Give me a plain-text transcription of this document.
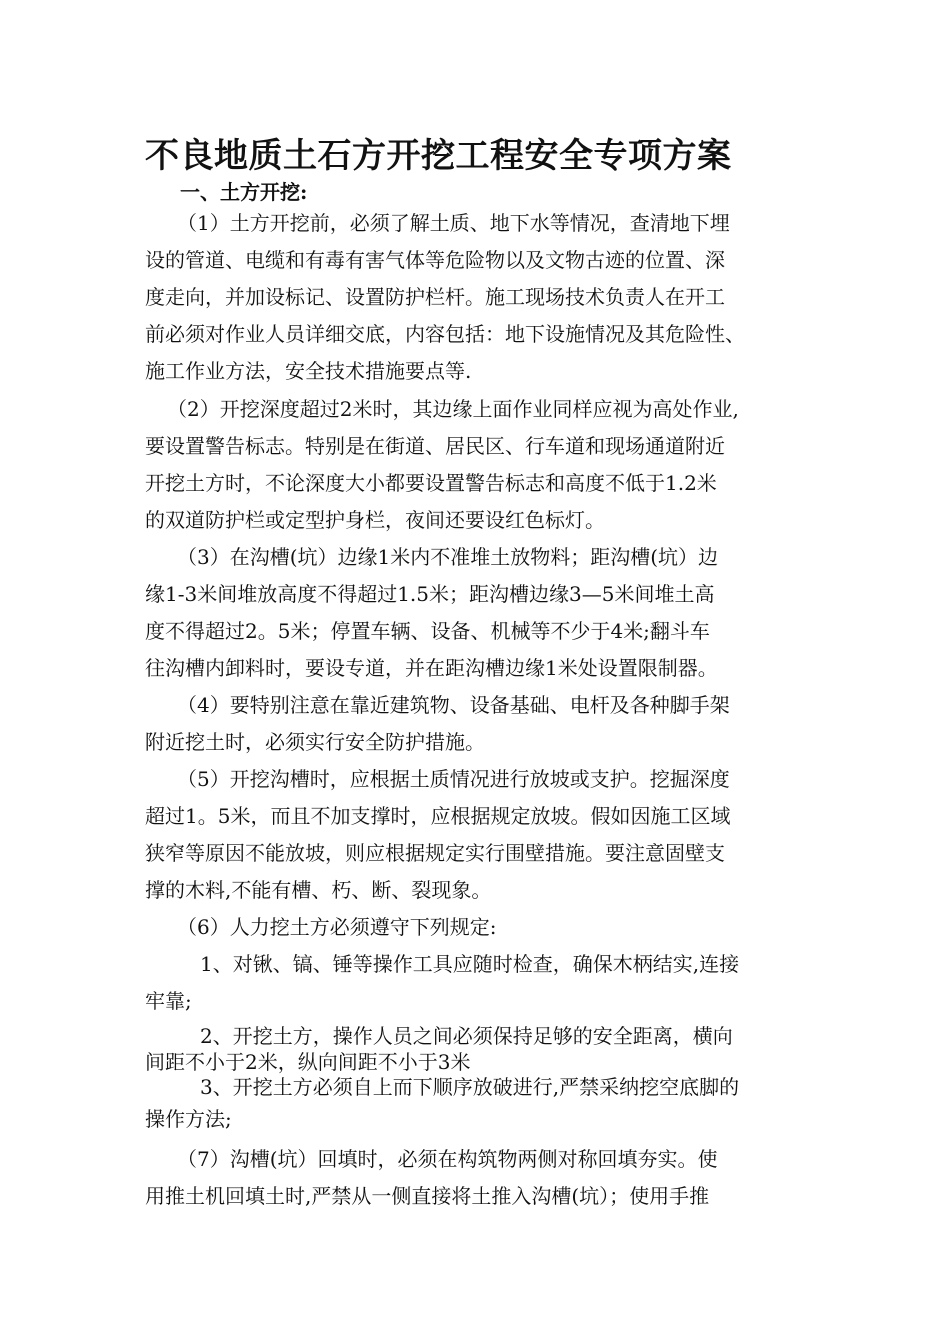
不良地质土石方开挖工程安全专项方案
一、土方开挖:

（1）土方开挖前，必须了解土质、地下水等情况，查清地下埋

设的管道、电缆和有毒有害气体等危险物以及文物古迹的位置、深

度走向，并加设标记、设置防护栏杆。施工现场技术负责人在开工

前必须对作业人员详细交底，内容包括：地下设施情况及其危险性、

施工作业方法，安全技术措施要点等.

（2）开挖深度超过2米时，其边缘上面作业同样应视为高处作业,

要设置警告标志。特别是在街道、居民区、行车道和现场通道附近

开挖土方时，不论深度大小都要设置警告标志和高度不低于1.2米

的双道防护栏或定型护身栏，夜间还要设红色标灯。

（3）在沟槽(坑）边缘1米内不准堆土放物料；距沟槽(坑）边

缘1-3米间堆放高度不得超过1.5米；距沟槽边缘3—5米间堆土高

度不得超过2。5米；停置车辆、设备、机械等不少于4米;翻斗车

往沟槽内卸料时，要设专道，并在距沟槽边缘1米处设置限制器。

（4）要特别注意在靠近建筑物、设备基础、电杆及各种脚手架

附近挖土时，必须实行安全防护措施。

（5）开挖沟槽时，应根据土质情况进行放坡或支护。挖掘深度

超过1。5米，而且不加支撑时，应根据规定放坡。假如因施工区域

狭窄等原因不能放坡，则应根据规定实行围壁措施。要注意固壁支

撑的木料,不能有槽、朽、断、裂现象。

（6）人力挖土方必须遵守下列规定:

1、对锹、镐、锤等操作工具应随时检查，确保木柄结实,连接

牢靠;

2、开挖土方，操作人员之间必须保持足够的安全距离，横向

间距不小于2米，纵向间距不小于3米

3、开挖土方必须自上而下顺序放破进行,严禁采纳挖空底脚的

操作方法;

（7）沟槽(坑）回填时，必须在构筑物两侧对称回填夯实。使

用推土机回填土时,严禁从一侧直接将土推入沟槽(坑）；使用手推
